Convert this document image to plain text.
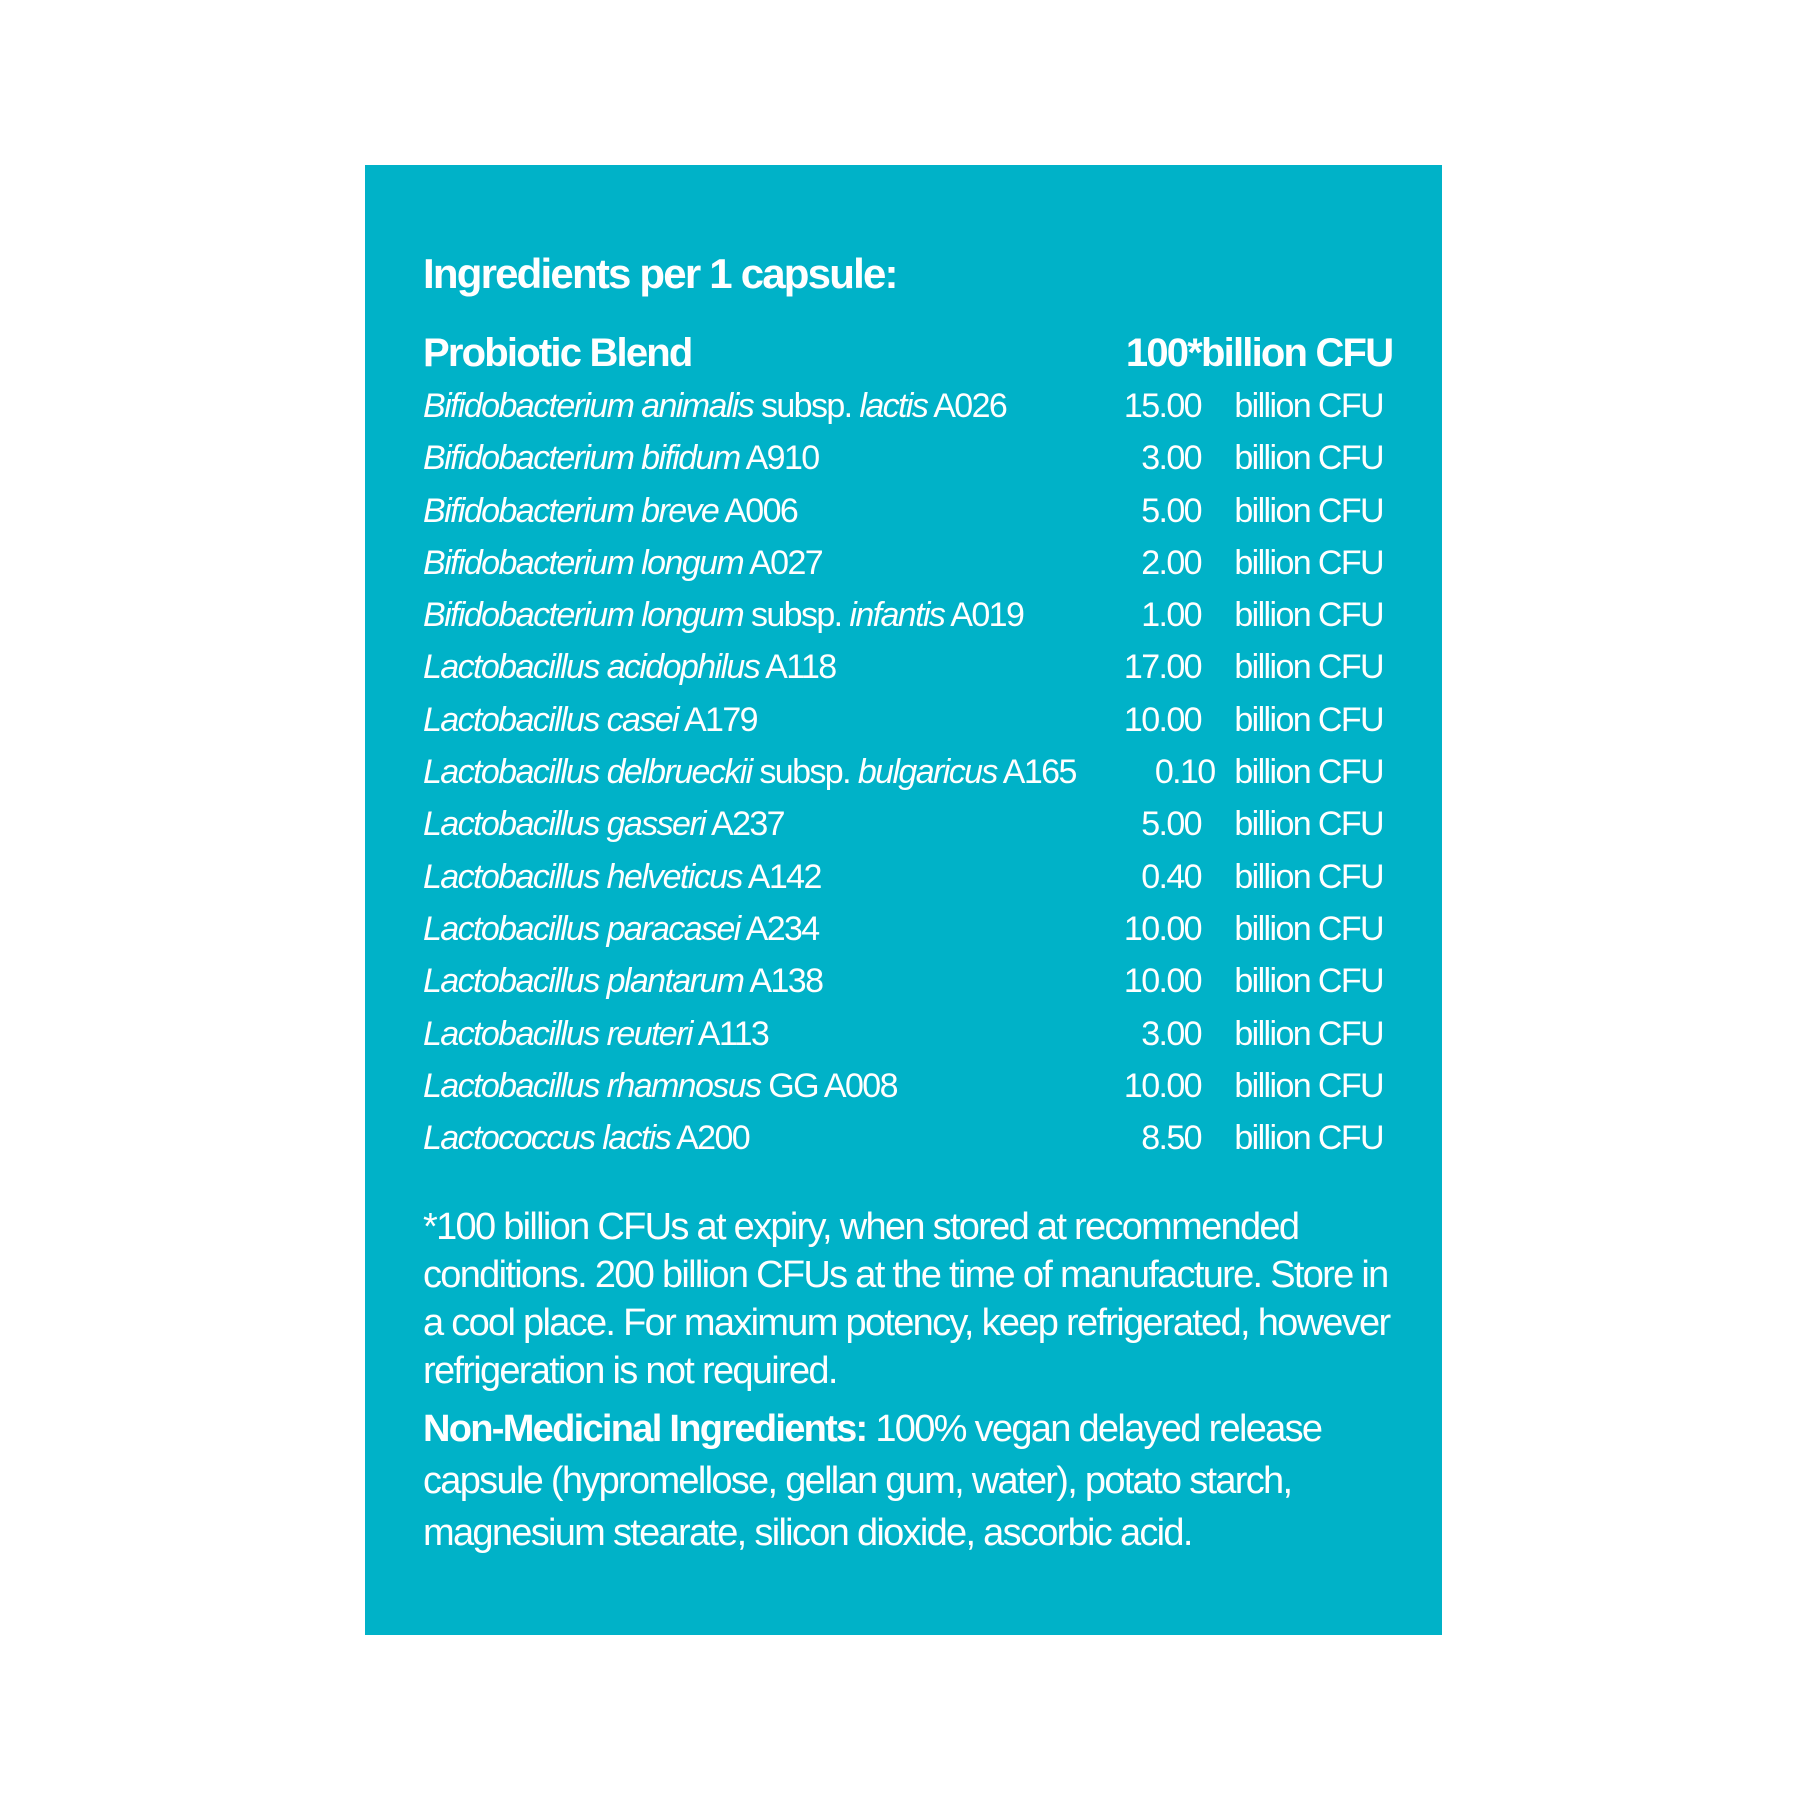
Ingredients per 1 capsule:
Probiotic Blend	100* billion CFU
Bifidobacterium animalis subsp. lactis A026	15.00 billion CFU
Bifidobacterium bifidum A910	3.00 billion CFU
Bifidobacterium breve A006	5.00 billion CFU
Bifidobacterium longum A027	2.00 billion CFU
Bifidobacterium longum subsp. infantis A019	1.00 billion CFU
Lactobacillus acidophilus A118	17.00 billion CFU
Lactobacillus casei A179	10.00 billion CFU
Lactobacillus delbrueckii subsp. bulgaricus A165	0.10 billion CFU
Lactobacillus gasseri A237	5.00 billion CFU
Lactobacillus helveticus A142	0.40 billion CFU
Lactobacillus paracasei A234	10.00 billion CFU
Lactobacillus plantarum A138	10.00 billion CFU
Lactobacillus reuteri A113	3.00 billion CFU
Lactobacillus rhamnosus GG A008	10.00 billion CFU
Lactococcus lactis A200	8.50 billion CFU
*100 billion CFUs at expiry, when stored at recommended conditions. 200 billion CFUs at the time of manufacture. Store in a cool place. For maximum potency, keep refrigerated, however refrigeration is not required.
Non-Medicinal Ingredients: 100% vegan delayed release capsule (hypromellose, gellan gum, water), potato starch, magnesium stearate, silicon dioxide, ascorbic acid.
